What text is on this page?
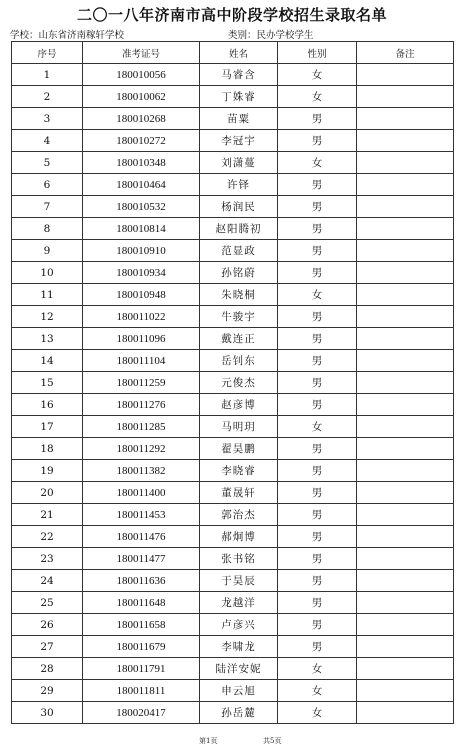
二〇一八年济南市高中阶段学校招生录取名单
学校：山东省济南稼轩学校	类别：民办学校学生
序号	准考证号	姓名	性别	备注
1	180010056	马睿含	女	
2	180010062	丁姝睿	女	
3	180010268	苗粟	男	
4	180010272	李冠宇	男	
5	180010348	刘潇蔓	女	
6	180010464	许铎	男	
7	180010532	杨润民	男	
8	180010814	赵阳腾初	男	
9	180010910	范显政	男	
10	180010934	孙铭蔚	男	
11	180010948	朱晓桐	女	
12	180011022	牛骏宇	男	
13	180011096	戴连正	男	
14	180011104	岳钊东	男	
15	180011259	元俊杰	男	
16	180011276	赵彦博	男	
17	180011285	马明玥	女	
18	180011292	翟昊鹏	男	
19	180011382	李晓睿	男	
20	180011400	董晟轩	男	
21	180011453	郭治杰	男	
22	180011476	郝炯博	男	
23	180011477	张书铭	男	
24	180011636	于昊辰	男	
25	180011648	龙越洋	男	
26	180011658	卢彦兴	男	
27	180011679	李啸龙	男	
28	180011791	陆洋安妮	女	
29	180011811	申云旭	女	
30	180020417	孙岳麓	女	
第1页	共5页
